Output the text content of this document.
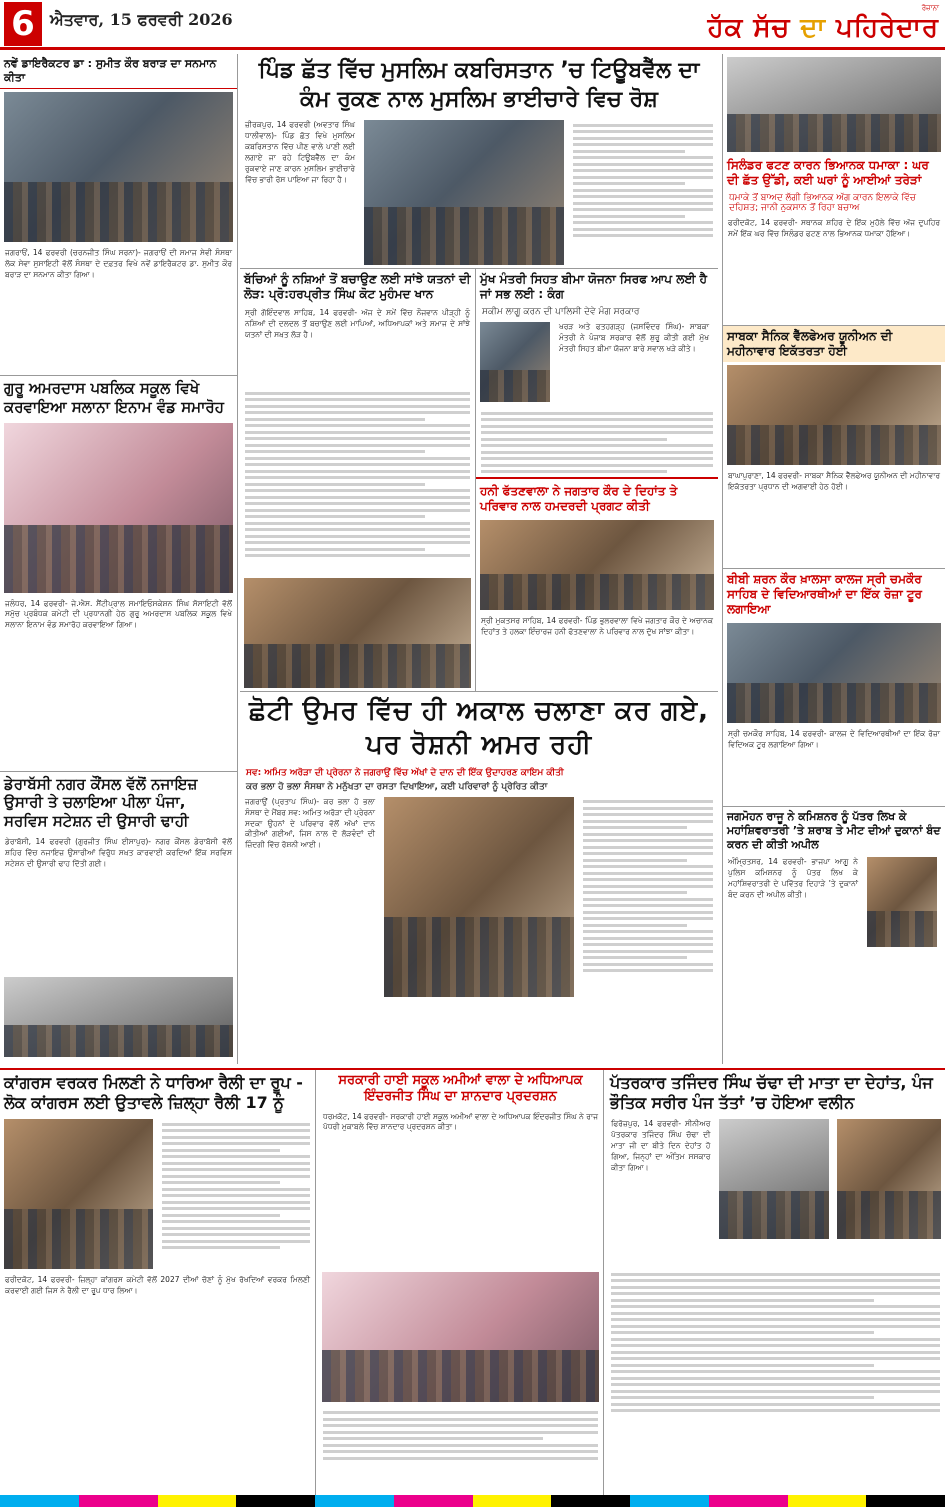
6 ਐਤਵਾਰ, 15 ਫਰਵਰੀ 2026
ਰੋਜ਼ਾਨਾ
ਹੱਕ ਸੱਚ ਦਾ ਪਹਿਰੇਦਾਰ
ਨਵੇਂ ਡਾਇਰੈਕਟਰ ਡਾ : ਸੁਮੀਤ ਕੌਰ ਬਰਾੜ ਦਾ ਸਨਮਾਨ ਕੀਤਾ
ਜਗਰਾਓਂ, 14 ਫਰਵਰੀ (ਚਰਨਜੀਤ ਸਿੰਘ ਸਰਨਾ)- ਜਗਰਾਓਂ ਦੀ ਸਮਾਜ ਸੇਵੀ ਸੰਸਥਾ ਲੋਕ ਸੇਵਾ ਸੁਸਾਇਟੀ ਵੱਲੋਂ ਸੰਸਥਾ ਦੇ ਦਫ਼ਤਰ ਵਿਖੇ ਨਵੇਂ ਡਾਇਰੈਕਟਰ ਡਾ. ਸੁਮੀਤ ਕੌਰ ਬਰਾੜ ਦਾ ਸਨਮਾਨ ਕੀਤਾ ਗਿਆ।
ਗੁਰੂ ਅਮਰਦਾਸ ਪਬਲਿਕ ਸਕੂਲ ਵਿਖੇ ਕਰਵਾਇਆ ਸਲਾਨਾ ਇਨਾਮ ਵੰਡ ਸਮਾਰੋਹ
ਜਲੰਧਰ, 14 ਫਰਵਰੀ- ਜੇ.ਐਸ. ਸੈਂਟੀਪ੍ਰਾਲ ਸਮਾਇਓਸਕੇਸ਼ਨ ਸਿੰਘ ਸੋਸਾਇਟੀ ਵੱਲੋਂ ਸਮੁੱਚ ਪ੍ਰਬੰਧਕ ਕਮੇਟੀ ਦੀ ਪ੍ਰਧਾਨਗੀ ਹੇਠ ਗੁਰੂ ਅਮਰਦਾਸ ਪਬਲਿਕ ਸਕੂਲ ਵਿਖੇ ਸਲਾਨਾ ਇਨਾਮ ਵੰਡ ਸਮਾਰੋਹ ਕਰਵਾਇਆ ਗਿਆ।
ਡੇਰਾਬੱਸੀ ਨਗਰ ਕੌਂਸਲ ਵੱਲੋਂ ਨਜਾਇਜ਼ ਉਸਾਰੀ ਤੇ ਚਲਾਇਆ ਪੀਲਾ ਪੰਜਾ, ਸਰਵਿਸ ਸਟੇਸ਼ਨ ਦੀ ਉਸਾਰੀ ਢਾਹੀ
ਡੇਰਾਬੱਸੀ, 14 ਫਰਵਰੀ (ਗੁਰਜੀਤ ਸਿੰਘ ਈਸਾਪੁਰ)- ਨਗਰ ਕੌਂਸਲ ਡੇਰਾਬੱਸੀ ਵੱਲੋਂ ਸ਼ਹਿਰ ਵਿੱਚ ਨਜਾਇਜ਼ ਉਸਾਰੀਆਂ ਵਿਰੁੱਧ ਸਖ਼ਤ ਕਾਰਵਾਈ ਕਰਦਿਆਂ ਇੱਕ ਸਰਵਿਸ ਸਟੇਸ਼ਨ ਦੀ ਉਸਾਰੀ ਢਾਹ ਦਿੱਤੀ ਗਈ।
ਪਿੰਡ ਛੱਤ ਵਿੱਚ ਮੁਸਲਿਮ ਕਬਰਿਸਤਾਨ ’ਚ ਟਿਊਬਵੈੱਲ ਦਾ ਕੰਮ ਰੁਕਣ ਨਾਲ ਮੁਸਲਿਮ ਭਾਈਚਾਰੇ ਵਿਚ ਰੋਸ਼
ਜ਼ੀਰਕਪੁਰ, 14 ਫਰਵਰੀ (ਅਵਤਾਰ ਸਿੰਘ ਧਾਲੀਵਾਲ)- ਪਿੰਡ ਛੱਤ ਵਿਖੇ ਮੁਸਲਿਮ ਕਬਰਿਸਤਾਨ ਵਿੱਚ ਪੀਣ ਵਾਲੇ ਪਾਣੀ ਲਈ ਲਗਾਏ ਜਾ ਰਹੇ ਟਿਊਬਵੈੱਲ ਦਾ ਕੰਮ ਰੁਕਵਾਏ ਜਾਣ ਕਾਰਨ ਮੁਸਲਿਮ ਭਾਈਚਾਰੇ ਵਿੱਚ ਭਾਰੀ ਰੋਸ ਪਾਇਆ ਜਾ ਰਿਹਾ ਹੈ।
ਬੱਚਿਆਂ ਨੂੰ ਨਸ਼ਿਆਂ ਤੋਂ ਬਚਾਉਣ ਲਈ ਸਾਂਝੇ ਯਤਨਾਂ ਦੀ ਲੋੜ: ਪ੍ਰੋ:ਹਰਪ੍ਰੀਤ ਸਿੰਘ ਕੋਟ ਮੁਹੰਮਦ ਖਾਨ
ਸ੍ਰੀ ਗੋਇੰਦਵਾਲ ਸਾਹਿਬ, 14 ਫਰਵਰੀ- ਅੱਜ ਦੇ ਸਮੇਂ ਵਿੱਚ ਨੌਜਵਾਨ ਪੀੜ੍ਹੀ ਨੂੰ ਨਸ਼ਿਆਂ ਦੀ ਦਲਦਲ ਤੋਂ ਬਚਾਉਣ ਲਈ ਮਾਪਿਆਂ, ਅਧਿਆਪਕਾਂ ਅਤੇ ਸਮਾਜ ਦੇ ਸਾਂਝੇ ਯਤਨਾਂ ਦੀ ਸਖ਼ਤ ਲੋੜ ਹੈ।
ਮੁੱਖ ਮੰਤਰੀ ਸਿਹਤ ਬੀਮਾ ਯੋਜਨਾ ਸਿਰਫ ਆਪ ਲਈ ਹੈ ਜਾਂ ਸਭ ਲਈ : ਕੰਗ
ਸਕੀਮ ਲਾਗੂ ਕਰਨ ਦੀ ਪਾਲਿਸੀ ਦੇਵੇ ਮੰਗ ਸਰਕਾਰ
ਖਰੜ ਅਤੇ ਫਤਹਗੜ੍ਹ (ਜਸਵਿੰਦਰ ਸਿੰਘ)- ਸਾਬਕਾ ਮੰਤਰੀ ਨੇ ਪੰਜਾਬ ਸਰਕਾਰ ਵੱਲੋਂ ਸ਼ੁਰੂ ਕੀਤੀ ਗਈ ਮੁੱਖ ਮੰਤਰੀ ਸਿਹਤ ਬੀਮਾ ਯੋਜਨਾ ਬਾਰੇ ਸਵਾਲ ਖੜੇ ਕੀਤੇ।
ਹਨੀ ਫੱਤਣਵਾਲਾ ਨੇ ਜਗਤਾਰ ਕੌਰ ਦੇ ਦਿਹਾਂਤ ਤੇ ਪਰਿਵਾਰ ਨਾਲ ਹਮਦਰਦੀ ਪ੍ਰਗਟ ਕੀਤੀ
ਸ੍ਰੀ ਮੁਕਤਸਰ ਸਾਹਿਬ, 14 ਫਰਵਰੀ- ਪਿੰਡ ਭੁਲਰਵਾਲਾ ਵਿਖੇ ਜਗਤਾਰ ਕੌਰ ਦੇ ਅਚਾਨਕ ਦਿਹਾਂਤ ਤੇ ਹਲਕਾ ਇੰਚਾਰਜ ਹਨੀ ਫੱਤਣਵਾਲਾ ਨੇ ਪਰਿਵਾਰ ਨਾਲ ਦੁੱਖ ਸਾਂਝਾ ਕੀਤਾ।
ਛੋਟੀ ਉਮਰ ਵਿੱਚ ਹੀ ਅਕਾਲ ਚਲਾਣਾ ਕਰ ਗਏ, ਪਰ ਰੋਸ਼ਨੀ ਅਮਰ ਰਹੀ
ਸਵ: ਅਮਿਤ ਅਰੋੜਾ ਦੀ ਪ੍ਰੇਰਨਾ ਨੇ ਜਗਰਾਉਂ ਵਿੱਚ ਅੱਖਾਂ ਦੇ ਦਾਨ ਦੀ ਇੱਕ ਉਦਾਹਰਣ ਕਾਇਮ ਕੀਤੀ
ਕਰ ਭਲਾ ਹੋ ਭਲਾ ਸੰਸਥਾ ਨੇ ਮਨੁੱਖਤਾ ਦਾ ਰਸਤਾ ਦਿਖਾਇਆ, ਕਈ ਪਰਿਵਾਰਾਂ ਨੂੰ ਪ੍ਰੇਰਿਤ ਕੀਤਾ
ਜਗਰਾਉਂ (ਪ੍ਰਤਾਪ ਸਿੰਘ)- ਕਰ ਭਲਾ ਹੋ ਭਲਾ ਸੰਸਥਾ ਦੇ ਮੈਂਬਰ ਸਵ: ਅਮਿਤ ਅਰੋੜਾ ਦੀ ਪ੍ਰੇਰਨਾ ਸਦਕਾ ਉਹਨਾਂ ਦੇ ਪਰਿਵਾਰ ਵੱਲੋਂ ਅੱਖਾਂ ਦਾਨ ਕੀਤੀਆਂ ਗਈਆਂ, ਜਿਸ ਨਾਲ ਦੋ ਲੋੜਵੰਦਾਂ ਦੀ ਜ਼ਿੰਦਗੀ ਵਿੱਚ ਰੋਸ਼ਨੀ ਆਈ।
ਸਿਲੰਡਰ ਫਟਣ ਕਾਰਨ ਭਿਆਨਕ ਧਮਾਕਾ : ਘਰ ਦੀ ਛੱਤ ਉੱਡੀ, ਕਈ ਘਰਾਂ ਨੂੰ ਆਈਆਂ ਤਰੇੜਾਂ
ਧਮਾਕੇ ਤੋਂ ਬਾਅਦ ਲੱਗੀ ਭਿਆਨਕ ਅੱਗ ਕਾਰਨ ਇਲਾਕੇ ਵਿੱਚ ਦਹਿਸ਼ਤ; ਜਾਨੀ ਨੁਕਸਾਨ ਤੋਂ ਰਿਹਾ ਬਚਾਅ
ਫਰੀਦਕੋਟ, 14 ਫਰਵਰੀ- ਸਥਾਨਕ ਸ਼ਹਿਰ ਦੇ ਇੱਕ ਮੁਹੱਲੇ ਵਿੱਚ ਅੱਜ ਦੁਪਹਿਰ ਸਮੇਂ ਇੱਕ ਘਰ ਵਿੱਚ ਸਿਲੰਡਰ ਫਟਣ ਨਾਲ ਭਿਆਨਕ ਧਮਾਕਾ ਹੋਇਆ।
ਸਾਬਕਾ ਸੈਨਿਕ ਵੈੱਲਫੇਅਰ ਯੂਨੀਅਨ ਦੀ ਮਹੀਨਾਵਾਰ ਇਕੱਤਰਤਾ ਹੋਈ
ਬਾਘਾਪੁਰਾਣਾ, 14 ਫਰਵਰੀ- ਸਾਬਕਾ ਸੈਨਿਕ ਵੈੱਲਫੇਅਰ ਯੂਨੀਅਨ ਦੀ ਮਹੀਨਾਵਾਰ ਇਕੱਤਰਤਾ ਪ੍ਰਧਾਨ ਦੀ ਅਗਵਾਈ ਹੇਠ ਹੋਈ।
ਬੀਬੀ ਸ਼ਰਨ ਕੌਰ ਖ਼ਾਲਸਾ ਕਾਲਜ ਸ੍ਰੀ ਚਮਕੌਰ ਸਾਹਿਬ ਦੇ ਵਿਦਿਆਰਥੀਆਂ ਦਾ ਇੱਕ ਰੋਜ਼ਾ ਟੂਰ ਲਗਾਇਆ
ਸ੍ਰੀ ਚਮਕੌਰ ਸਾਹਿਬ, 14 ਫਰਵਰੀ- ਕਾਲਜ ਦੇ ਵਿਦਿਆਰਥੀਆਂ ਦਾ ਇੱਕ ਰੋਜ਼ਾ ਵਿਦਿਅਕ ਟੂਰ ਲਗਾਇਆ ਗਿਆ।
ਜਗਮੋਹਨ ਰਾਜੂ ਨੇ ਕਮਿਸ਼ਨਰ ਨੂੰ ਪੱਤਰ ਲਿਖ ਕੇ ਮਹਾਂਸ਼ਿਵਰਾਤਰੀ ’ਤੇ ਸ਼ਰਾਬ ਤੇ ਮੀਟ ਦੀਆਂ ਦੁਕਾਨਾਂ ਬੰਦ ਕਰਨ ਦੀ ਕੀਤੀ ਅਪੀਲ
ਅੰਮ੍ਰਿਤਸਰ, 14 ਫਰਵਰੀ- ਭਾਜਪਾ ਆਗੂ ਨੇ ਪੁਲਿਸ ਕਮਿਸ਼ਨਰ ਨੂੰ ਪੱਤਰ ਲਿਖ ਕੇ ਮਹਾਂਸ਼ਿਵਰਾਤਰੀ ਦੇ ਪਵਿੱਤਰ ਦਿਹਾੜੇ ’ਤੇ ਦੁਕਾਨਾਂ ਬੰਦ ਕਰਨ ਦੀ ਅਪੀਲ ਕੀਤੀ।
ਕਾਂਗਰਸ ਵਰਕਰ ਮਿਲਣੀ ਨੇ ਧਾਰਿਆ ਰੈਲੀ ਦਾ ਰੂਪ - ਲੋਕ ਕਾਂਗਰਸ ਲਈ ਉਤਾਵਲੇ ਜ਼ਿਲ੍ਹਾ ਰੈਲੀ 17 ਨੂੰ
ਫਰੀਦਕੋਟ, 14 ਫਰਵਰੀ- ਜ਼ਿਲ੍ਹਾ ਕਾਂਗਰਸ ਕਮੇਟੀ ਵੱਲੋਂ 2027 ਦੀਆਂ ਚੋਣਾਂ ਨੂੰ ਮੁੱਖ ਰੱਖਦਿਆਂ ਵਰਕਰ ਮਿਲਣੀ ਕਰਵਾਈ ਗਈ ਜਿਸ ਨੇ ਰੈਲੀ ਦਾ ਰੂਪ ਧਾਰ ਲਿਆ।
ਸਰਕਾਰੀ ਹਾਈ ਸਕੂਲ ਅਮੀਆਂ ਵਾਲਾ ਦੇ ਅਧਿਆਪਕ ਇੰਦਰਜੀਤ ਸਿੰਘ ਦਾ ਸ਼ਾਨਦਾਰ ਪ੍ਰਦਰਸ਼ਨ
ਧਰਮਕੋਟ, 14 ਫਰਵਰੀ- ਸਰਕਾਰੀ ਹਾਈ ਸਕੂਲ ਅਮੀਆਂ ਵਾਲਾ ਦੇ ਅਧਿਆਪਕ ਇੰਦਰਜੀਤ ਸਿੰਘ ਨੇ ਰਾਜ ਪੱਧਰੀ ਮੁਕਾਬਲੇ ਵਿੱਚ ਸ਼ਾਨਦਾਰ ਪ੍ਰਦਰਸ਼ਨ ਕੀਤਾ।
ਪੱਤਰਕਾਰ ਤਜਿੰਦਰ ਸਿੰਘ ਚੱਢਾ ਦੀ ਮਾਤਾ ਦਾ ਦੇਹਾਂਤ, ਪੰਜ ਭੌਤਿਕ ਸਰੀਰ ਪੰਜ ਤੱਤਾਂ ’ਚ ਹੋਇਆ ਵਲੀਨ
ਫਿਰੋਜ਼ਪੁਰ, 14 ਫਰਵਰੀ- ਸੀਨੀਅਰ ਪੱਤਰਕਾਰ ਤਜਿੰਦਰ ਸਿੰਘ ਚੱਢਾ ਦੀ ਮਾਤਾ ਜੀ ਦਾ ਬੀਤੇ ਦਿਨ ਦੇਹਾਂਤ ਹੋ ਗਿਆ, ਜਿਨ੍ਹਾਂ ਦਾ ਅੰਤਿਮ ਸਸਕਾਰ ਕੀਤਾ ਗਿਆ।
